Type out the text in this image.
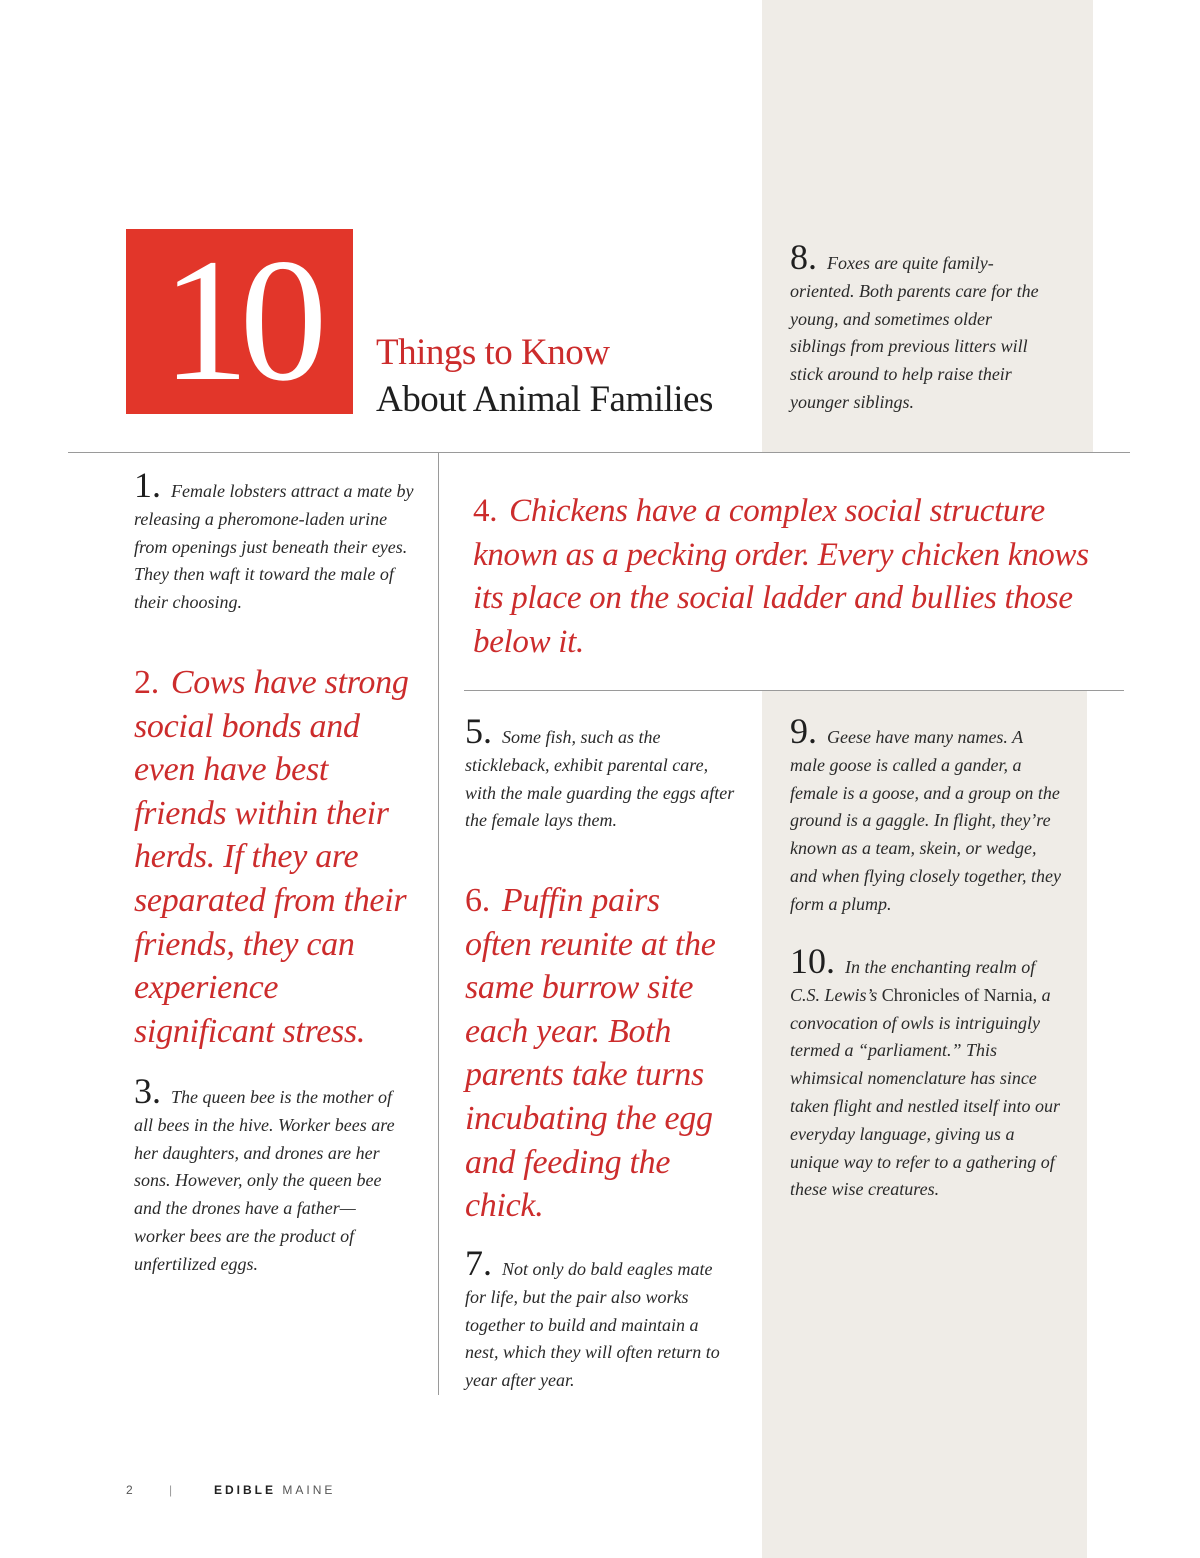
10	Things to Know
About Animal Families
8. Foxes are quite family-oriented. Both parents care for the young, and sometimes older siblings from previous litters will stick around to help raise their younger siblings.
1. Female lobsters attract a mate by releasing a pheromone-laden urine from openings just beneath their eyes. They then waft it toward the male of their choosing.
2. Cows have strong social bonds and even have best friends within their herds. If they are separated from their friends, they can experience significant stress.
3. The queen bee is the mother of all bees in the hive. Worker bees are her daughters, and drones are her sons. However, only the queen bee and the drones have a father—worker bees are the product of unfertilized eggs.
4. Chickens have a complex social structure known as a pecking order. Every chicken knows its place on the social ladder and bullies those below it.
5. Some fish, such as the stickleback, exhibit parental care, with the male guarding the eggs after the female lays them.
6. Puffin pairs often reunite at the same burrow site each year. Both parents take turns incubating the egg and feeding the chick.
7. Not only do bald eagles mate for life, but the pair also works together to build and maintain a nest, which they will often return to year after year.
9. Geese have many names. A male goose is called a gander, a female is a goose, and a group on the ground is a gaggle. In flight, they’re known as a team, skein, or wedge, and when flying closely together, they form a plump.
10. In the enchanting realm of C.S. Lewis’s Chronicles of Narnia, a convocation of owls is intriguingly termed a “parliament.” This whimsical nomenclature has since taken flight and nestled itself into our everyday language, giving us a unique way to refer to a gathering of these wise creatures.
2	|	EDIBLE MAINE
